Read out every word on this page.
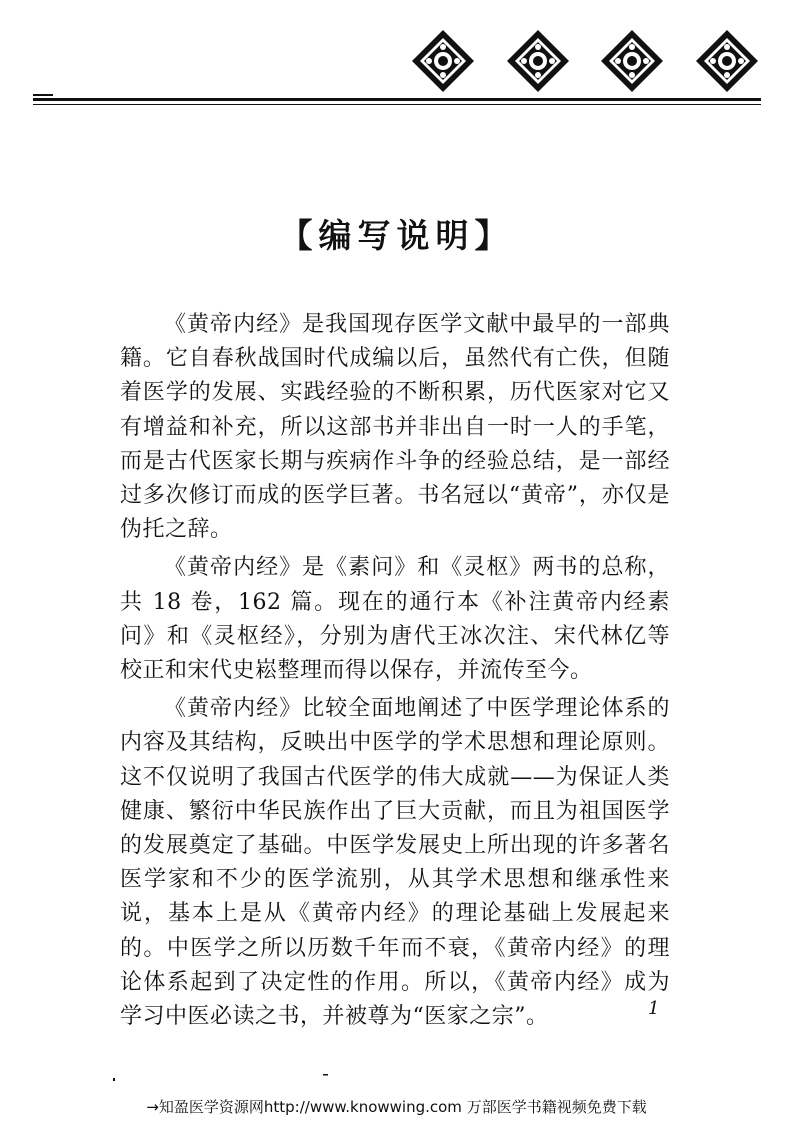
【编写说明】

《黄帝内经》是我国现存医学文献中最早的一部典籍。它自春秋战国时代成编以后，虽然代有亡佚，但随着医学的发展、实践经验的不断积累，历代医家对它又有增益和补充，所以这部书并非出自一时一人的手笔，而是古代医家长期与疾病作斗争的经验总结，是一部经过多次修订而成的医学巨著。书名冠以“黄帝”，亦仅是伪托之辞。

《黄帝内经》是《素问》和《灵枢》两书的总称，共 18 卷，162 篇。现在的通行本《补注黄帝内经素问》和《灵枢经》，分别为唐代王冰次注、宋代林亿等校正和宋代史崧整理而得以保存，并流传至今。

《黄帝内经》比较全面地阐述了中医学理论体系的内容及其结构，反映出中医学的学术思想和理论原则。这不仅说明了我国古代医学的伟大成就——为保证人类健康、繁衍中华民族作出了巨大贡献，而且为祖国医学的发展奠定了基础。中医学发展史上所出现的许多著名医学家和不少的医学流别，从其学术思想和继承性来说，基本上是从《黄帝内经》的理论基础上发展起来的。中医学之所以历数千年而不衰，《黄帝内经》的理论体系起到了决定性的作用。所以，《黄帝内经》成为学习中医必读之书，并被尊为“医家之宗”。	1
→知盈医学资源网http://www.knowwing.com 万部医学书籍视频免费下载
